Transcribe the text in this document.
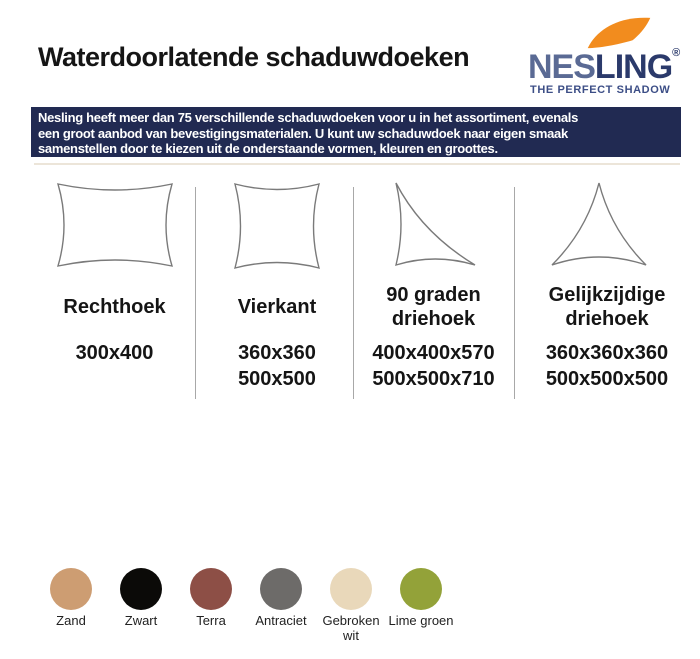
Waterdoorlatende schaduwdoeken NESLING®
THE PERFECT SHADOW
Nesling heeft meer dan 75 verschillende schaduwdoeken voor u in het assortiment, evenals
een groot aanbod van bevestigingsmaterialen. U kunt uw schaduwdoek naar eigen smaak
samenstellen door te kiezen uit de onderstaande vormen, kleuren en groottes.
Rechthoek
300x400
Vierkant
360x360
500x500
90 graden driehoek
400x400x570
500x500x710
Gelijkzijdige driehoek
360x360x360
500x500x500
Zand	Zwart	Terra Antraciet	Gebroken wit
Lime groen
